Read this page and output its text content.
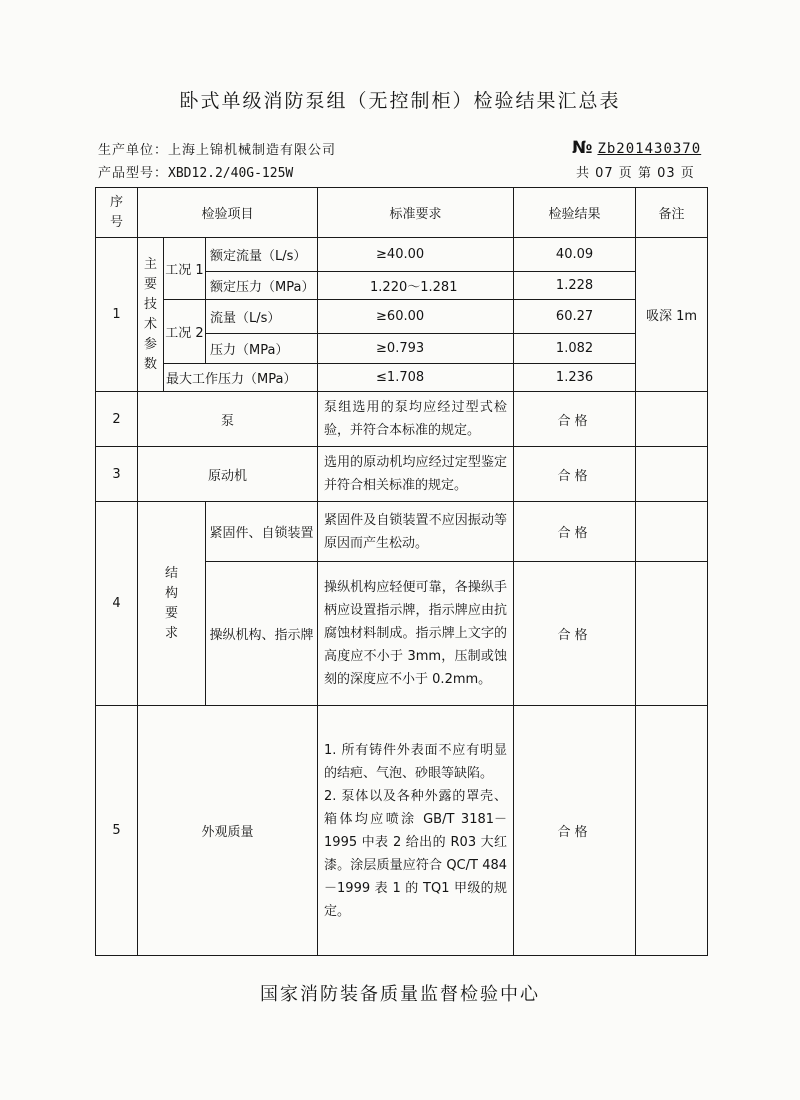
卧式单级消防泵组（无控制柜）检验结果汇总表
生产单位：上海上锦机械制造有限公司
产品型号：XBD12.2/40G-125W
№ Zb201430370
共 07 页 第 03 页
序号	检验项目			标准要求	检验结果	备注
1	主要技术参数	工况 1	额定流量（L/s）	≥40.00	40.09	吸深 1m
			额定压力（MPa）	1.220～1.281	1.228	
		工况 2	流量（L/s）	≥60.00	60.27	
			压力（MPa）	≥0.793	1.082	
		最大工作压力（MPa）		≤1.708	1.236	
2	泵			泵组选用的泵均应经过型式检验，并符合本标准的规定。	合格	
3	原动机			选用的原动机均应经过定型鉴定并符合相关标准的规定。	合格	
4	结构要求		紧固件、自锁装置	紧固件及自锁装置不应因振动等原因而产生松动。	合格	
			操纵机构、指示牌	操纵机构应轻便可靠，各操纵手柄应设置指示牌，指示牌应由抗腐蚀材料制成。指示牌上文字的高度应不小于 3mm，压制或蚀刻的深度应不小于 0.2mm。	合格	
5	外观质量			1. 所有铸件外表面不应有明显的结疤、气泡、砂眼等缺陷。
2. 泵体以及各种外露的罩壳、箱体均应喷涂 GB/T 3181－1995 中表 2 给出的 R03 大红漆。涂层质量应符合 QC/T 484－1999 表 1 的 TQ1 甲级的规定。	合格	
国家消防装备质量监督检验中心
